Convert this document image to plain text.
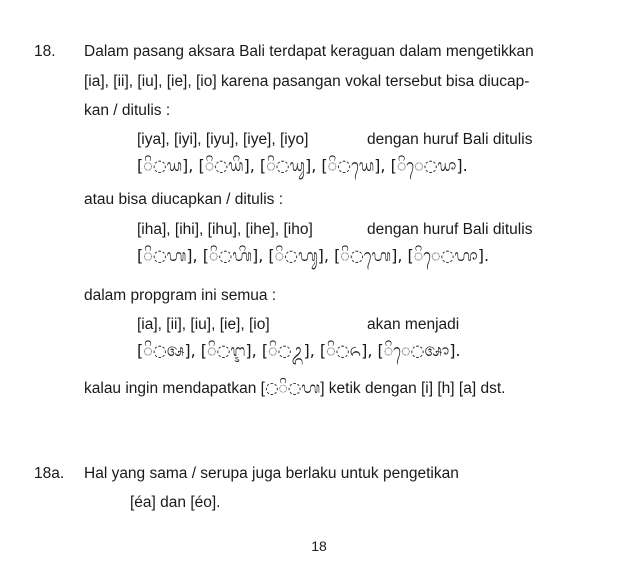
18. Dalam pasang aksara Bali terdapat keraguan dalam mengetikkan
[ia], [ii], [iu], [ie], [io] karena pasangan vokal tersebut bisa diucap-
kan / ditulis :
[iya], [iyi], [iyu], [iye], [iyo]	dengan huruf Bali ditulis
[◌ᬶ◌ᬬ], [◌ᬶ◌ᬬᬶ], [◌ᬶ◌ᬬᬸ], [◌ᬶ◌ᬬᬾ], [◌ᬶᬾ◌ᬬᬵ].
atau bisa diucapkan / ditulis :
[iha], [ihi], [ihu], [ihe], [iho]	dengan huruf Bali ditulis
[◌ᬶ◌ᬳ], [◌ᬶ◌ᬳᬶ], [◌ᬶ◌ᬳᬸ], [◌ᬶ◌ᬳᬾ], [◌ᬶᬾ◌ᬳᬵ].
dalam propgram ini semua :
[ia], [ii], [iu], [ie], [io]	akan menjadi
[◌ᬶ◌ᬅ], [◌ᬶ◌ᬇ], [◌ᬶ◌ᬉ], [◌ᬶ◌ᬏ], [◌ᬶᬾ◌ᬆ].
kalau ingin mendapatkan [◌ᬶ◌ᬳ] ketik dengan [i] [h] [a] dst.
18a. Hal yang sama / serupa juga berlaku untuk pengetikan
[éa] dan [éo].
18
